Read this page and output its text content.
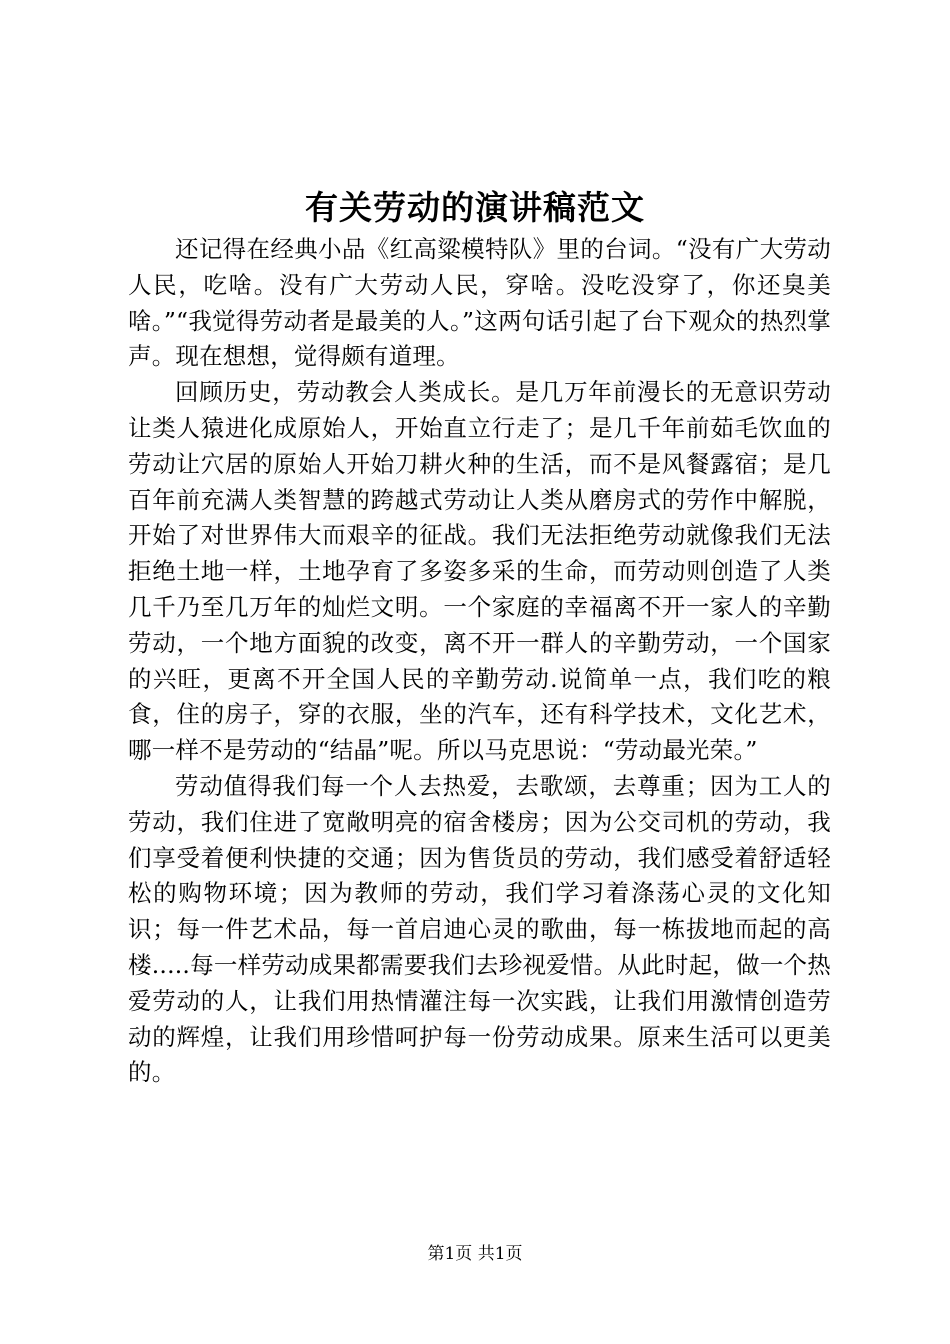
有关劳动的演讲稿范文

还记得在经典小品《红高粱模特队》里的台词。“没有广大劳动人民，吃啥。没有广大劳动人民，穿啥。没吃没穿了，你还臭美啥。”“我觉得劳动者是最美的人。”这两句话引起了台下观众的热烈掌声。现在想想，觉得颇有道理。

回顾历史，劳动教会人类成长。是几万年前漫长的无意识劳动让类人猿进化成原始人，开始直立行走了；是几千年前茹毛饮血的劳动让穴居的原始人开始刀耕火种的生活，而不是风餐露宿；是几百年前充满人类智慧的跨越式劳动让人类从磨房式的劳作中解脱，开始了对世界伟大而艰辛的征战。我们无法拒绝劳动就像我们无法拒绝土地一样，土地孕育了多姿多采的生命，而劳动则创造了人类几千乃至几万年的灿烂文明。一个家庭的幸福离不开一家人的辛勤劳动，一个地方面貌的改变，离不开一群人的辛勤劳动，一个国家的兴旺，更离不开全国人民的辛勤劳动.说简单一点，我们吃的粮食，住的房子，穿的衣服，坐的汽车，还有科学技术，文化艺术，哪一样不是劳动的“结晶”呢。所以马克思说：“劳动最光荣。”

劳动值得我们每一个人去热爱，去歌颂，去尊重；因为工人的劳动，我们住进了宽敞明亮的宿舍楼房；因为公交司机的劳动，我们享受着便利快捷的交通；因为售货员的劳动，我们感受着舒适轻松的购物环境；因为教师的劳动，我们学习着涤荡心灵的文化知识；每一件艺术品，每一首启迪心灵的歌曲，每一栋拔地而起的高楼.....每一样劳动成果都需要我们去珍视爱惜。从此时起，做一个热爱劳动的人，让我们用热情灌注每一次实践，让我们用激情创造劳动的辉煌，让我们用珍惜呵护每一份劳动成果。原来生活可以更美的。

第1页 共1页
